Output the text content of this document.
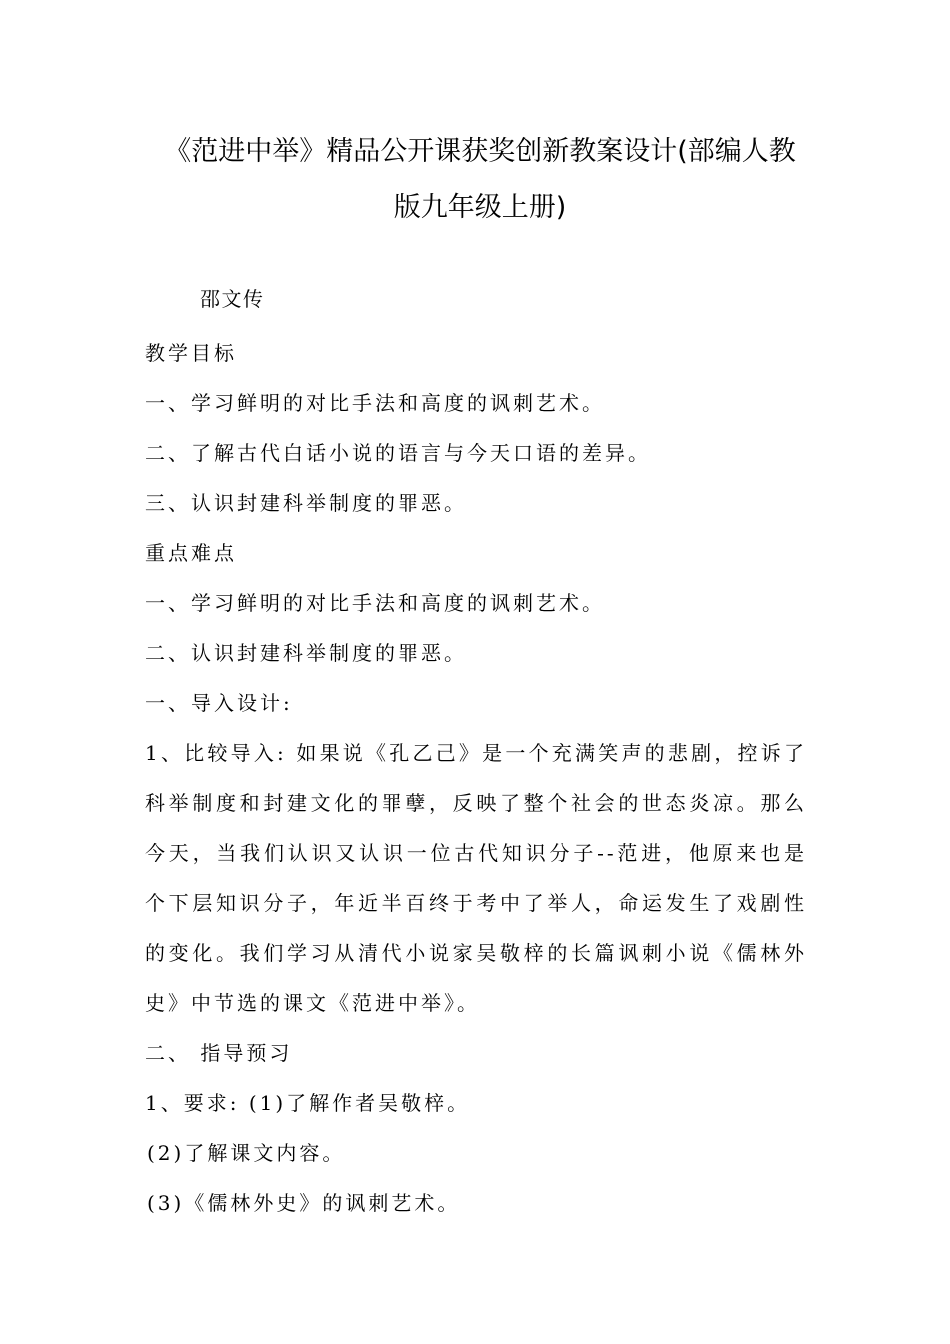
《范进中举》精品公开课获奖创新教案设计(部编人教
版九年级上册)
邵文传

教学目标

一、学习鲜明的对比手法和高度的讽刺艺术。

二、了解古代白话小说的语言与今天口语的差异。

三、认识封建科举制度的罪恶。

重点难点

一、学习鲜明的对比手法和高度的讽刺艺术。

二、认识封建科举制度的罪恶。

一、导入设计:

1、比较导入: 如果说《孔乙己》是一个充满笑声的悲剧，控诉了科举制度和封建文化的罪孽，反映了整个社会的世态炎凉。那么今天，当我们认识又认识一位古代知识分子--范进，他原来也是个下层知识分子，年近半百终于考中了举人，命运发生了戏剧性的变化。我们学习从清代小说家吴敬梓的长篇讽刺小说《儒林外史》中节选的课文《范进中举》。

二、 指导预习

1、要求: (1)了解作者吴敬梓。

(2)了解课文内容。

(3)《儒林外史》的讽刺艺术。
